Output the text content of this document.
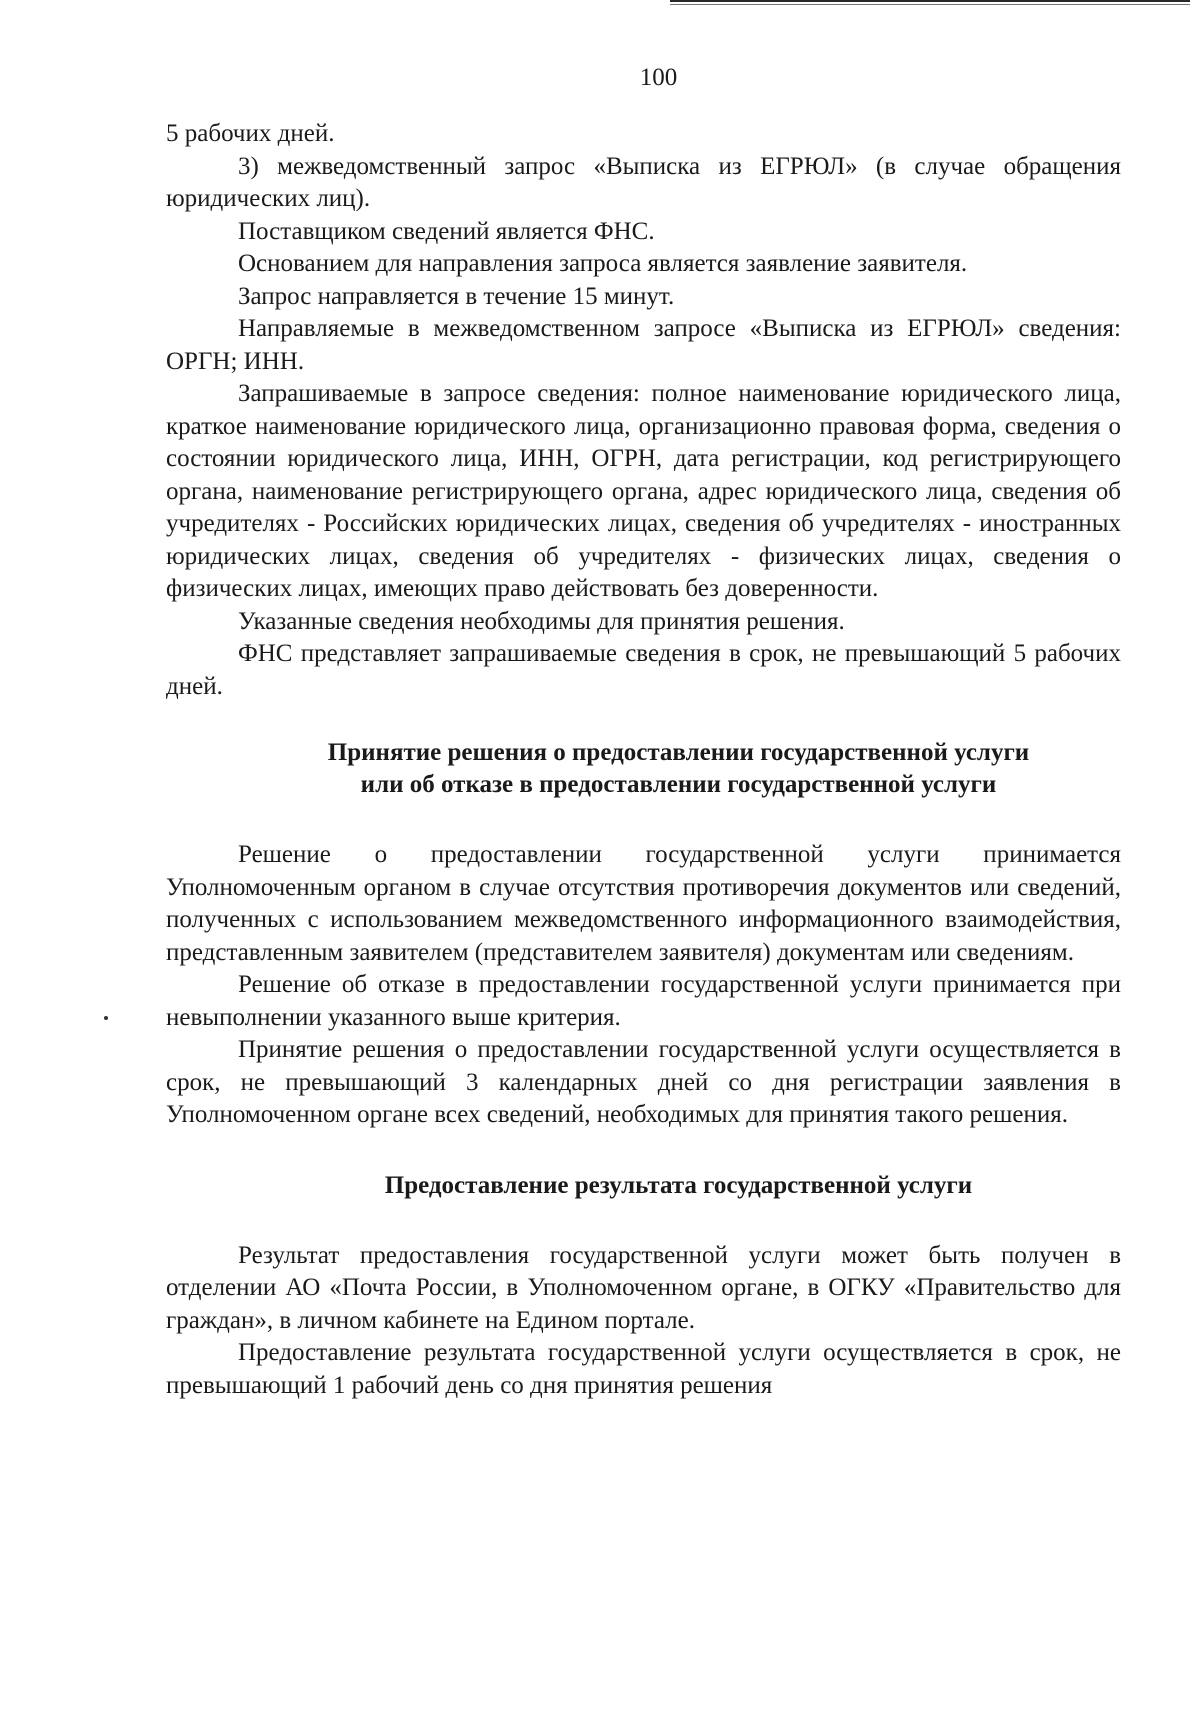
100

5 рабочих дней.

3) межведомственный запрос «Выписка из ЕГРЮЛ» (в случае обращения юридических лиц).

Поставщиком сведений является ФНС.

Основанием для направления запроса является заявление заявителя.

Запрос направляется в течение 15 минут.

Направляемые в межведомственном запросе «Выписка из ЕГРЮЛ» сведения: ОРГН; ИНН.

Запрашиваемые в запросе сведения: полное наименование юридического лица, краткое наименование юридического лица, организационно правовая форма, сведения о состоянии юридического лица, ИНН, ОГРН, дата регистрации, код регистрирующего органа, наименование регистрирующего органа, адрес юридического лица, сведения об учредителях - Российских юридических лицах, сведения об учредителях - иностранных юридических лицах, сведения об учредителях - физических лицах, сведения о физических лицах, имеющих право действовать без доверенности.

Указанные сведения необходимы для принятия решения.

ФНС представляет запрашиваемые сведения в срок, не превышающий 5 рабочих дней.

Принятие решения о предоставлении государственной услуги
или об отказе в предоставлении государственной услуги

Решение о предоставлении государственной услуги принимается Уполномоченным органом в случае отсутствия противоречия документов или сведений, полученных с использованием межведомственного информационного взаимодействия, представленным заявителем (представителем заявителя) документам или сведениям.

Решение об отказе в предоставлении государственной услуги принимается при невыполнении указанного выше критерия.

Принятие решения о предоставлении государственной услуги осуществляется в срок, не превышающий 3 календарных дней со дня регистрации заявления в Уполномоченном органе всех сведений, необходимых для принятия такого решения.

Предоставление результата государственной услуги

Результат предоставления государственной услуги может быть получен в отделении АО «Почта России, в Уполномоченном органе, в ОГКУ «Правительство для граждан», в личном кабинете на Едином портале.

Предоставление результата государственной услуги осуществляется в срок, не превышающий 1 рабочий день со дня принятия решения
